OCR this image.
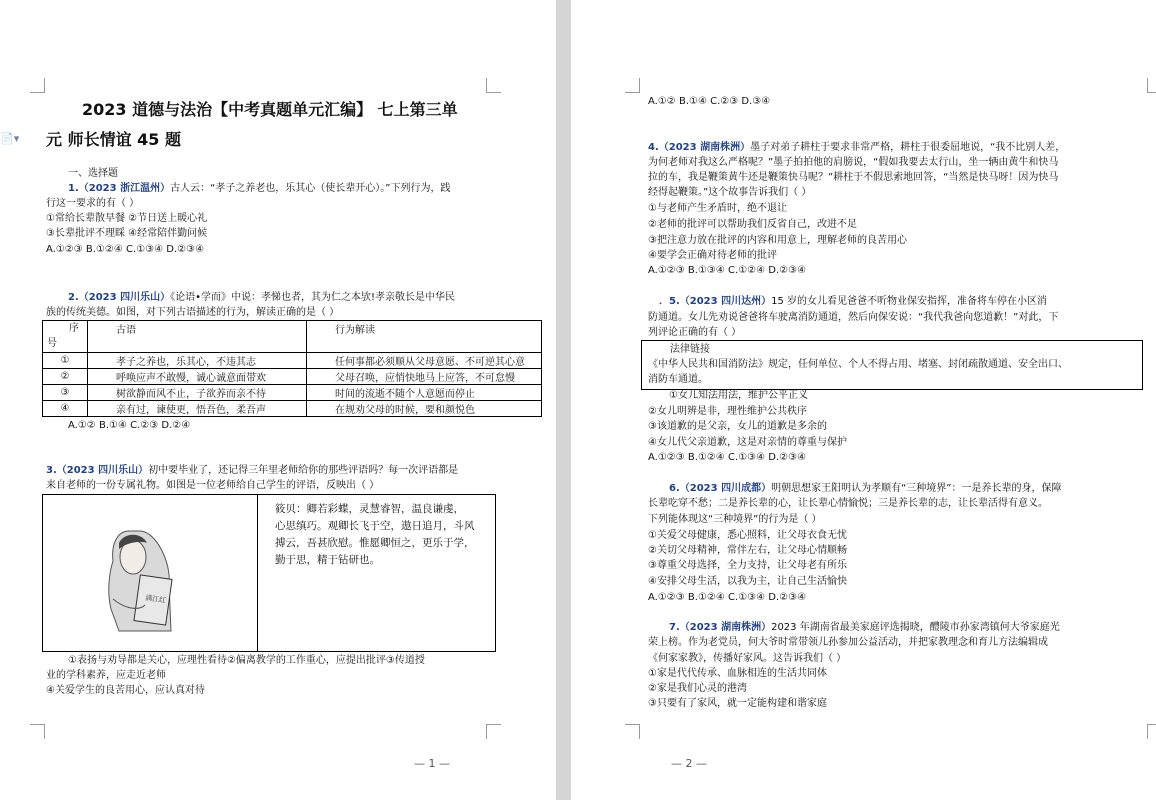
📄▾
2023 道德与法治【中考真题单元汇编】 七上第三单
元 师长情谊 45 题
一、选择题
1.（2023 浙江温州）古人云：“孝子之养老也，乐其心（使长辈开心）。”下列行为，践
行这一要求的有（ ）
①常给长辈散早餐 ②节日送上暖心礼
③长辈批评不理睬 ④经常陪伴勤问候
A.①②③ B.①②④ C.①③④ D.②③④
2.（2023 四川乐山）《论语•学而》中说：孝悌也者，其为仁之本欤!孝亲敬长是中华民
族的传统美德。如图，对下列古语描述的行为，解读正确的是（ ）
序
号	古语	行为解读
①	孝子之养也，乐其心，不违其志	任何事都必须顺从父母意愿、不可逆其心意
②	呼唤应声不敢慢，诚心诚意面带欢	父母召唤，应悄快地马上应答，不可怠慢
③	树欲静而风不止，子欲养而亲不待	时间的流逝不随个人意愿而停止
④	亲有过，谏使更，悟吾色，柔吾声	在规劝父母的时候，要和颜悦色
A.①② B.①④ C.②③ D.②④
3.（2023 四川乐山）初中要毕业了，还记得三年里老师给你的那些评语吗？每一次评语都是
来自老师的一份专属礼物。如图是一位老师给自己学生的评语，反映出（ ）
满江红
筱贝：卿若彩蝶，灵慧睿智，温良谦虔，
心思缜巧。观卿长飞于空，遨日追月，斗风
搏云，吾甚欣慰。惟愿卿恒之，更乐于学，
勤于思，精于钻研也。
①表扬与劝导都是关心，应理性看待②偏离教学的工作重心，应提出批评③传道授
业的学科素养，应走近老师
④关爱学生的良苦用心，应认真对待
— 1 —
A.①② B.①④ C.②③ D.③④
4.（2023 湖南株洲）墨子对弟子耕柱于要求非常严格，耕柱于很委屈地说，“我不比别人差，
为何老师对我这么严格呢？”墨子拍拍他的肩膀说，“假如我要去太行山，坐一辆由黄牛和快马
拉的车，我是鞭策黄牛还是鞭策快马呢？”耕柱于不假思索地回答，“当然是快马呀！因为快马
经得起鞭策。”这个故事告诉我们（ ）
①与老师产生矛盾时，绝不退让
②老师的批评可以帮助我们反省自己，改进不足
③把注意力放在批评的内容和用意上，理解老师的良苦用心
④要学会正确对待老师的批评
A.①②③ B.①③④ C.①②④ D.②③④
．5.（2023 四川达州）15 岁的女儿看见爸爸不听物业保安指挥，准备将车停在小区消
防通道。女儿先劝说爸爸将车驶离消防通道，然后向保安说：“我代我爸向您道歉！”对此，下
列评论正确的有（ ）
法律链接
《中华人民共和国消防法》规定，任何单位、个人不得占用、堵塞、封闭疏散通道、安全出口、
消防车通道。
①女儿知法用法，维护公平正义
②女儿明辨是非，理性维护公共秩序
③该道歉的是父亲，女儿的道歉是多余的
④女儿代父亲道歉，这是对亲情的尊重与保护
A.①②③ B.①②④ C.①③④ D.②③④
6.（2023 四川成都）明朝思想家王阳明认为孝顺有“三种境界”：一是养长辈的身，保障
长辈吃穿不愁；二是养长辈的心，让长辈心情愉悦；三是养长辈的志，让长辈活得有意义。
下列能体现这“三种境界”的行为是（ ）
①关爱父母健康，悉心照料，让父母衣食无忧
②关切父母精神，常伴左右，让父母心情顺畅
③尊重父母选择，全力支持，让父母老有所乐
④安排父母生活，以我为主，让自己生活愉快
A.①②③ B.①②④ C.①③④ D.②③④
7.（2023 湖南株洲）2023 年湖南省最美家庭评选揭晓，醴陵市孙家湾镇何大爷家庭光
荣上榜。作为老党员，何大爷时常带领儿孙参加公益活动，并把家教理念和育儿方法编辑成
《何家家教》，传播好家风。这告诉我们（ ）
①家是代代传承、血脉相连的生活共同体
②家是我们心灵的港湾
③只要有了家风，就一定能构建和谐家庭
— 2 —
